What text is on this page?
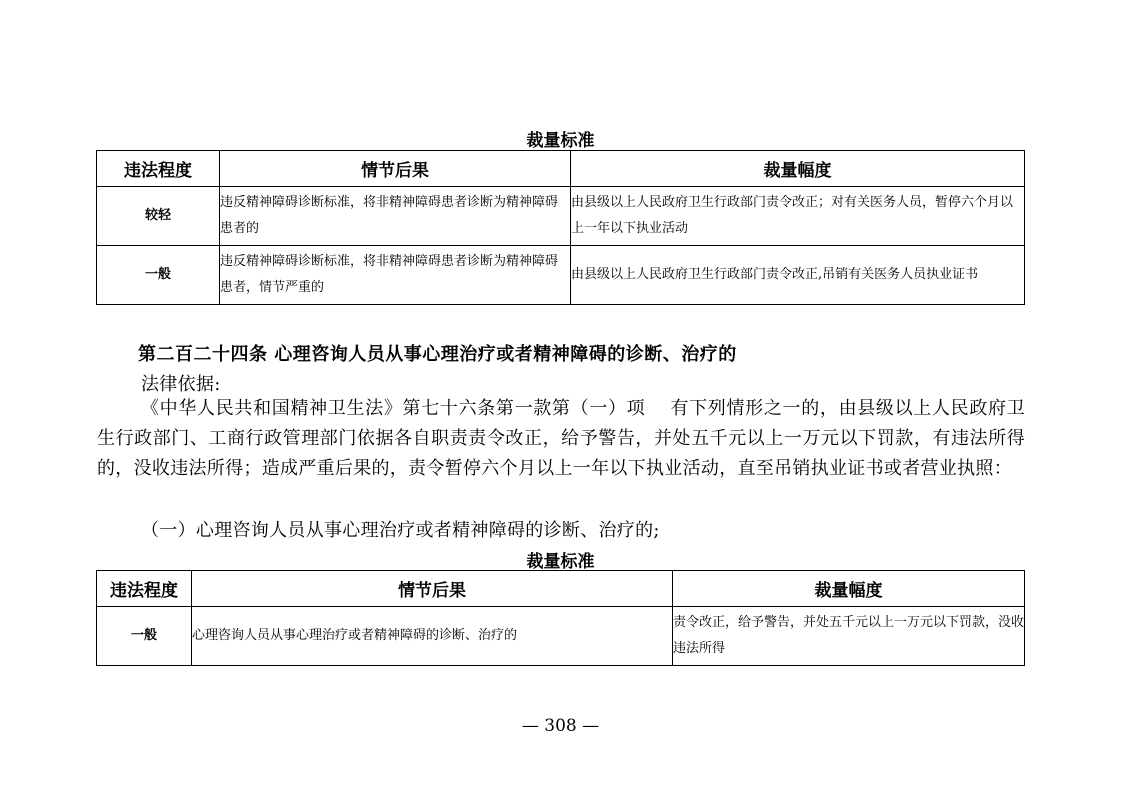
裁量标准
违法程度	情节后果	裁量幅度
较轻	违反精神障碍诊断标准，将非精神障碍患者诊断为精神障碍患者的	由县级以上人民政府卫生行政部门责令改正；对有关医务人员，暂停六个月以上一年以下执业活动
一般	违反精神障碍诊断标准，将非精神障碍患者诊断为精神障碍患者，情节严重的	由县级以上人民政府卫生行政部门责令改正,吊销有关医务人员执业证书
第二百二十四条 心理咨询人员从事心理治疗或者精神障碍的诊断、治疗的
法律依据:
《中华人民共和国精神卫生法》第七十六条第一款第（一）项　 有下列情形之一的，由县级以上人民政府卫生行政部门、工商行政管理部门依据各自职责责令改正，给予警告，并处五千元以上一万元以下罚款，有违法所得的，没收违法所得；造成严重后果的，责令暂停六个月以上一年以下执业活动，直至吊销执业证书或者营业执照：
（一）心理咨询人员从事心理治疗或者精神障碍的诊断、治疗的;
裁量标准
违法程度	情节后果	裁量幅度
一般	心理咨询人员从事心理治疗或者精神障碍的诊断、治疗的	责令改正，给予警告，并处五千元以上一万元以下罚款，没收违法所得
— 308 —
